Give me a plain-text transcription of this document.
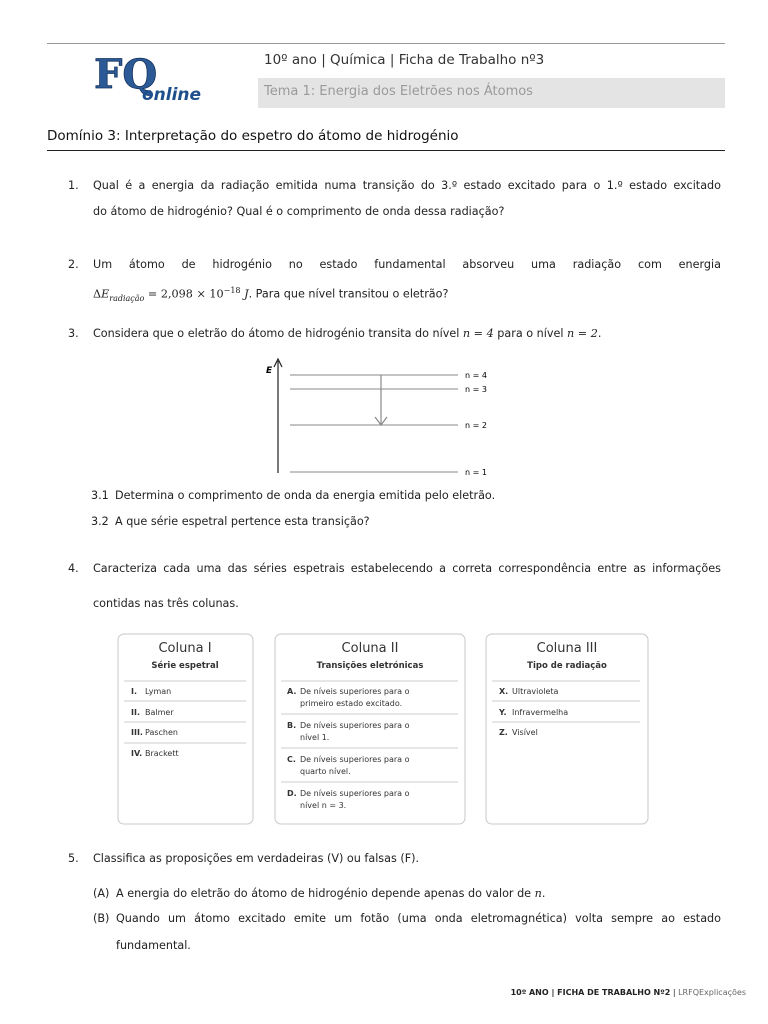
FQ
online
10º ano | Química | Ficha de Trabalho nº3
Tema 1: Energia dos Eletrões nos Átomos
Domínio 3: Interpretação do espetro do átomo de hidrogénio
1. Qual é a energia da radiação emitida numa transição do 3.º estado excitado para o 1.º estado excitado
do átomo de hidrogénio? Qual é o comprimento de onda dessa radiação?
2. Um átomo de hidrogénio no estado fundamental absorveu uma radiação com energia
$\Delta E_{radiação} = 2,098 \times 10^{-18}$ J. Para que nível transitou o eletrão?
3. Considera que o eletrão do átomo de hidrogénio transita do nível n = 4 para o nível n = 2.
E	n = 4
n = 3
n = 2
n = 1
3.1 Determina o comprimento de onda da energia emitida pelo eletrão.
3.2 A que série espetral pertence esta transição?
4. Caracteriza cada uma das séries espetrais estabelecendo a correta correspondência entre as informações
contidas nas três colunas.
Coluna I
Série espetral
I. Lyman
II. Balmer
III. Paschen
IV. Brackett
Coluna II
Transições eletrónicas
A. De níveis superiores para o
primeiro estado excitado.
B. De níveis superiores para o
nível 1.
C. De níveis superiores para o
quarto nível.
D. De níveis superiores para o
nível n = 3.
Coluna III
Tipo de radiação
X. Ultravioleta
Y. Infravermelha
Z. Visível
5. Classifica as proposições em verdadeiras (V) ou falsas (F).
(A) A energia do eletrão do átomo de hidrogénio depende apenas do valor de n.
(B) Quando um átomo excitado emite um fotão (uma onda eletromagnética) volta sempre ao estado
fundamental.
10º ANO | FICHA DE TRABALHO Nº2 | LRFQExplicações
